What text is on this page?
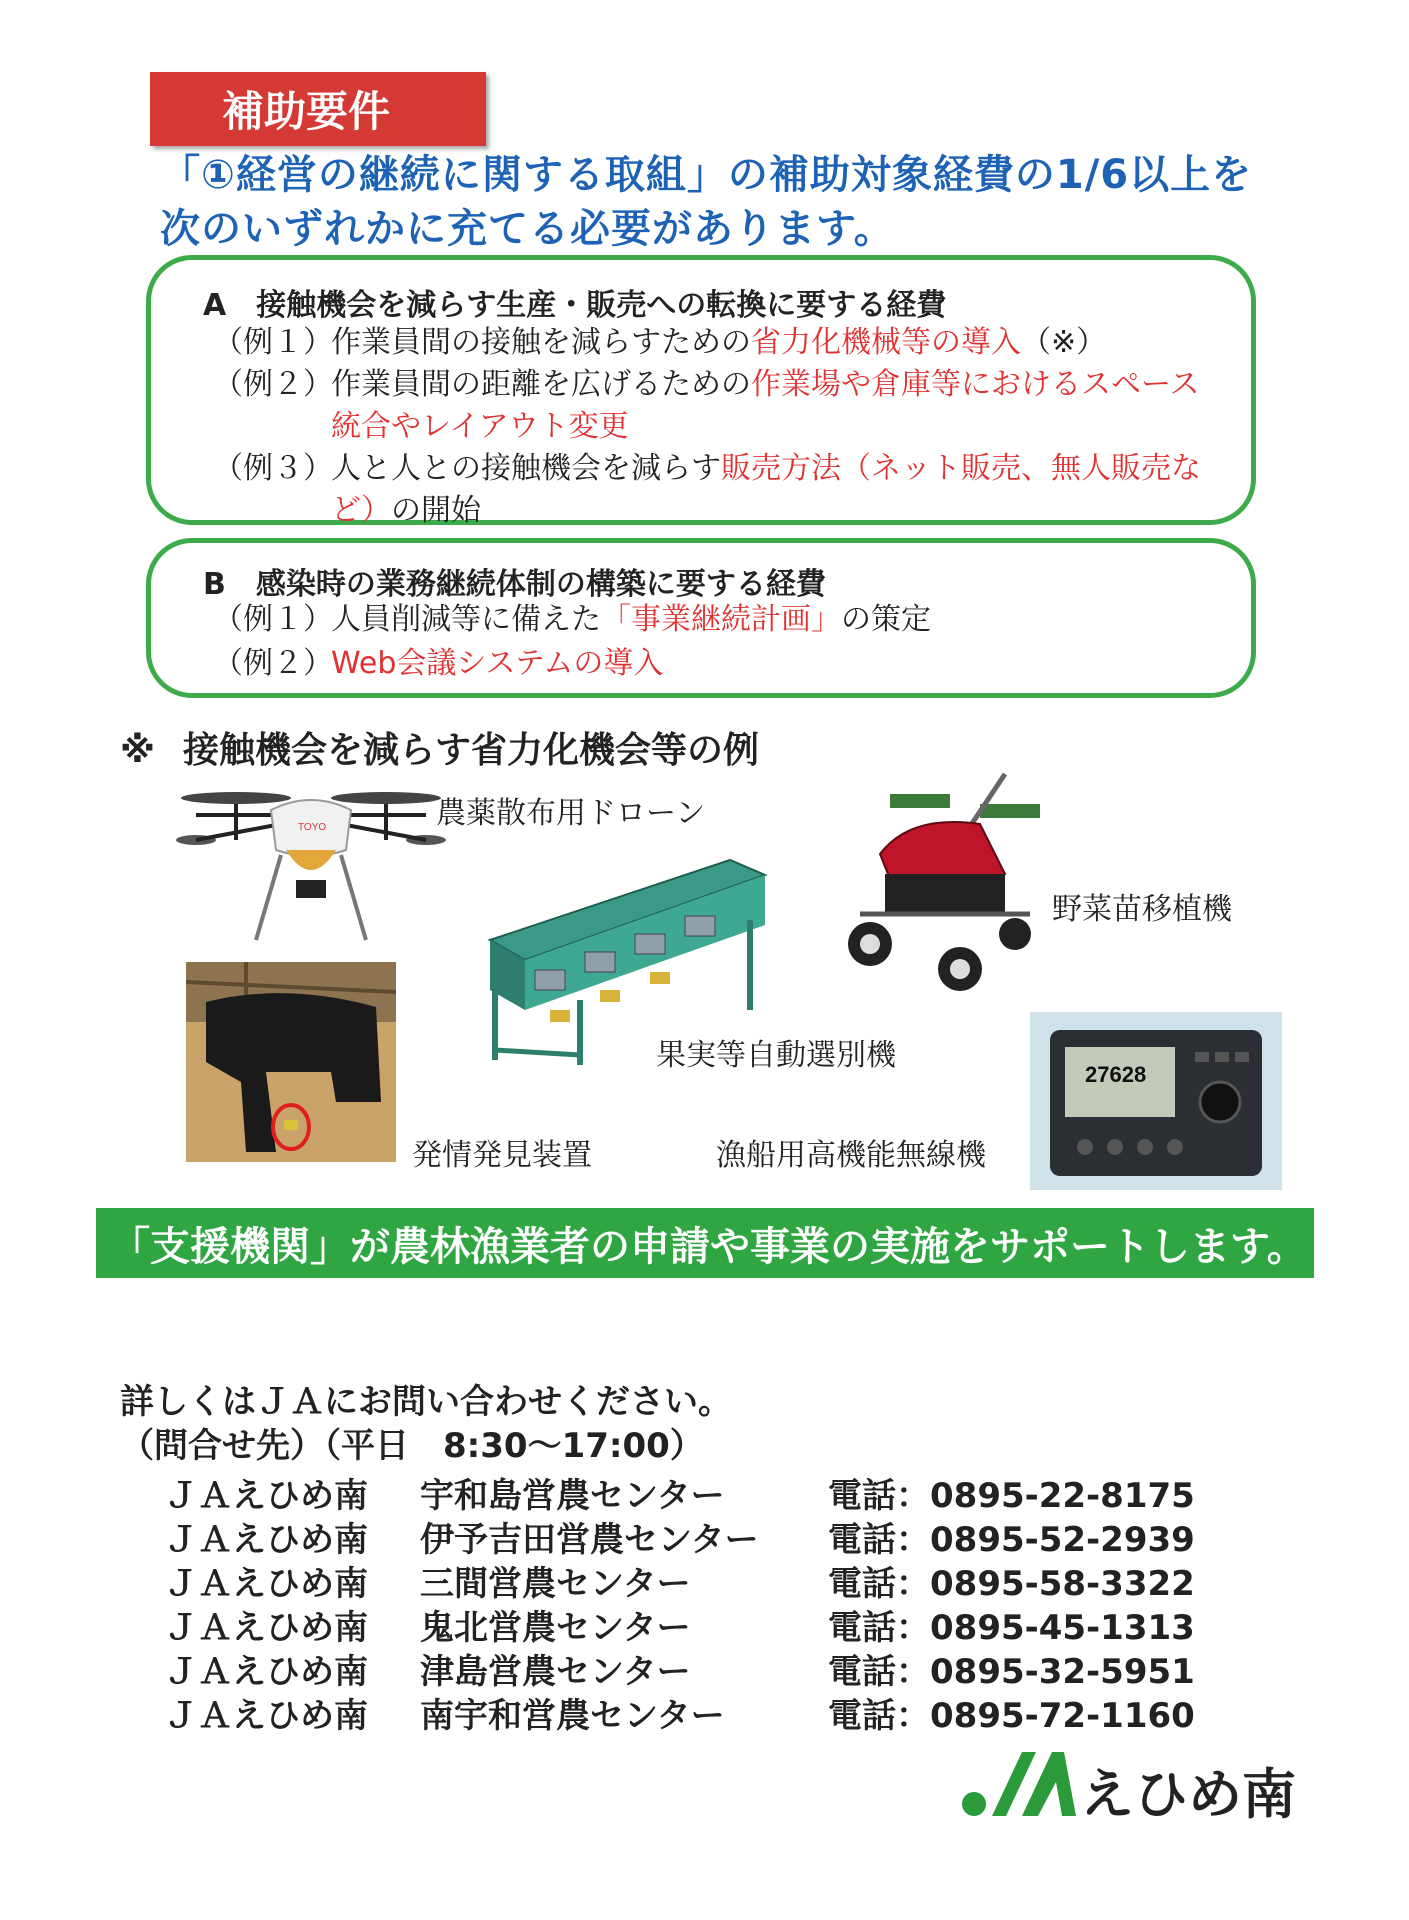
補助要件
「①経営の継続に関する取組」の補助対象経費の1/6以上を
次のいずれかに充てる必要があります。
A　接触機会を減らす生産・販売への転換に要する経費
（例１）作業員間の接触を減らすための省力化機械等の導入（※）
（例２）作業員間の距離を広げるための作業場や倉庫等におけるスペース
統合やレイアウト変更
（例３）人と人との接触機会を減らす販売方法（ネット販売、無人販売な
ど）の開始
B　感染時の業務継続体制の構築に要する経費
（例１）人員削減等に備えた「事業継続計画」の策定
（例２）Web会議システムの導入
※ 接触機会を減らす省力化機会等の例
TOYO	農薬散布用ドローン
果実等自動選別機
野菜苗移植機
発情発見装置
27628
漁船用高機能無線機
「支援機関」が農林漁業者の申請や事業の実施をサポートします。
詳しくはＪＡにお問い合わせください。
（問合せ先）（平日　8:30〜17:00）
ＪＡえひめ南 宇和島営農センター	電話：0895-22-8175
ＪＡえひめ南 伊予吉田営農センター 電話：0895-52-2939
ＪＡえひめ南 三間営農センター	電話：0895-58-3322
ＪＡえひめ南 鬼北営農センター	電話：0895-45-1313
ＪＡえひめ南 津島営農センター	電話：0895-32-5951
ＪＡえひめ南 南宇和営農センター	電話：0895-72-1160
えひめ南
